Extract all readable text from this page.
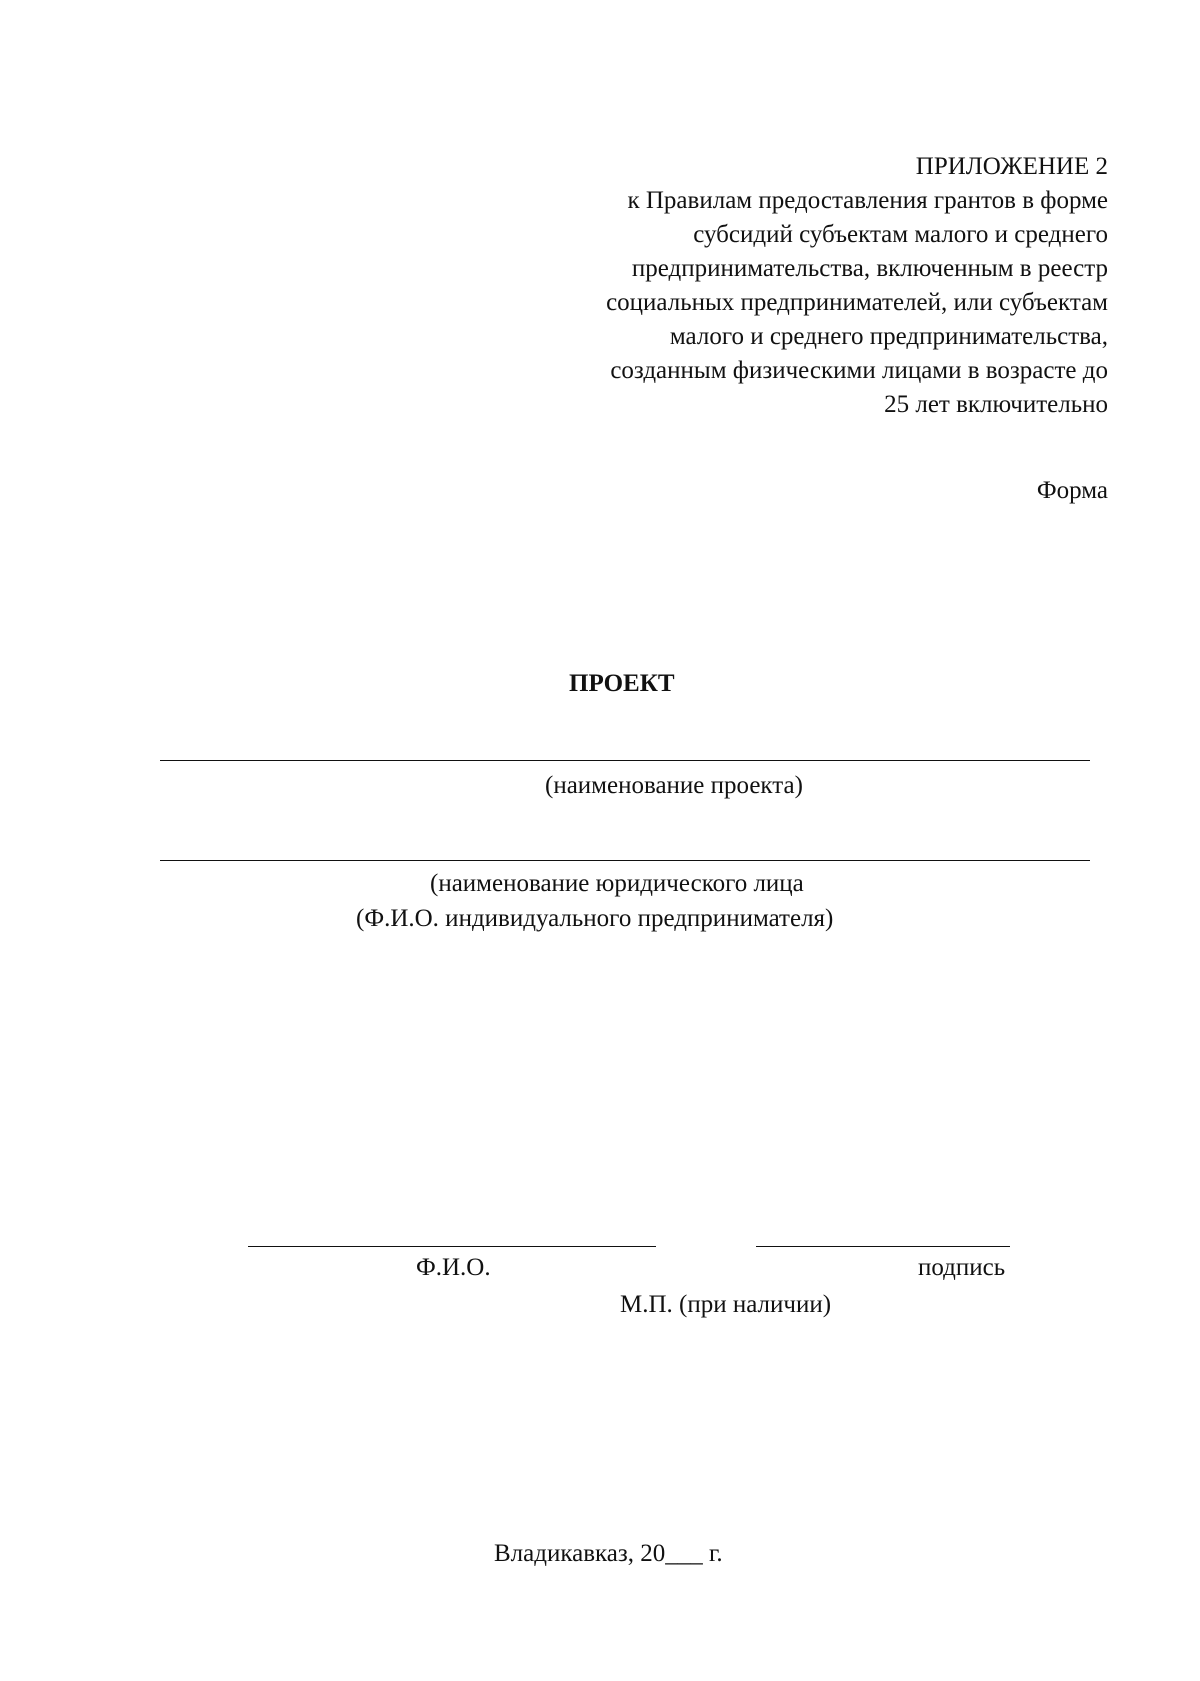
ПРИЛОЖЕНИЕ 2
к Правилам предоставления грантов в форме
субсидий субъектам малого и среднего
предпринимательства, включенным в реестр
социальных предпринимателей, или субъектам
малого и среднего предпринимательства,
созданным физическими лицами в возрасте до
25 лет включительно
Форма
ПРОЕКТ
(наименование проекта)
(наименование юридического лица
(Ф.И.О. индивидуального предпринимателя)
Ф.И.О.	подпись
М.П. (при наличии)
Владикавказ, 20___ г.
